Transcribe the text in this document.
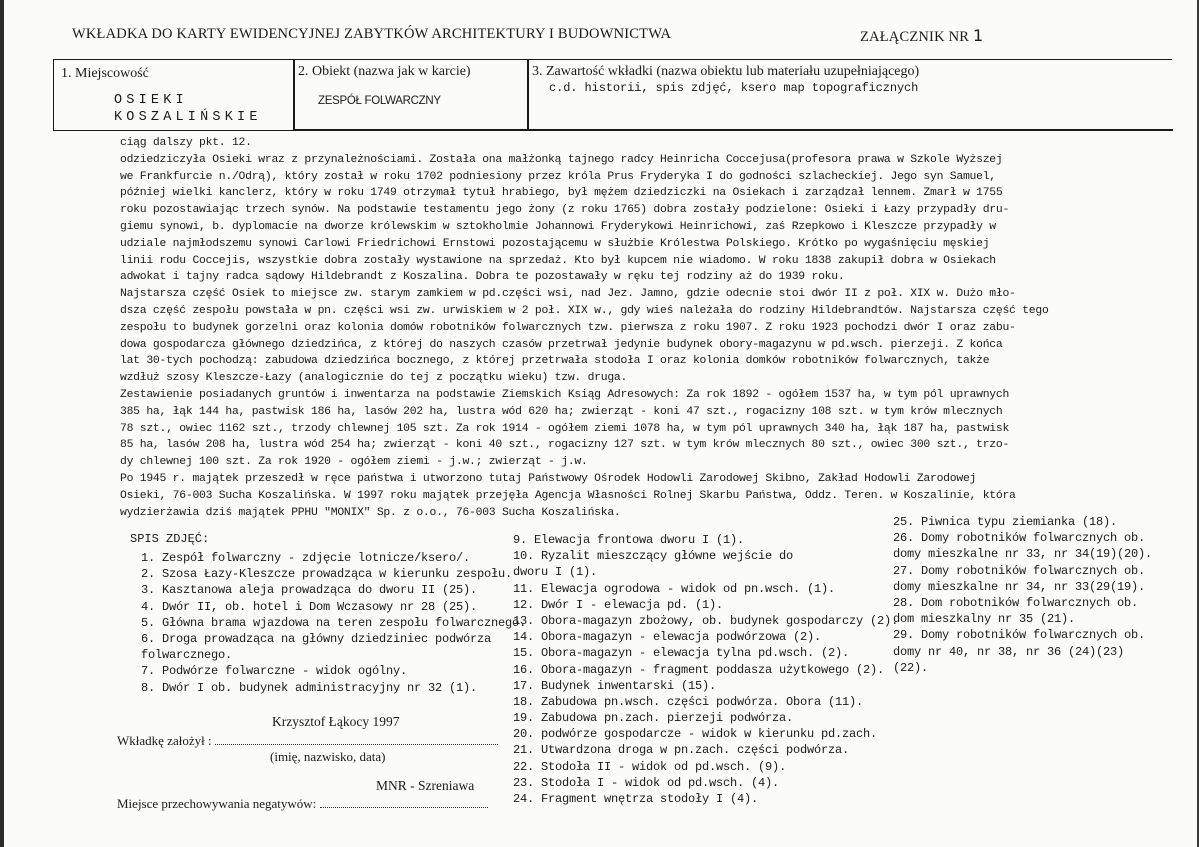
WKŁADKA DO KARTY EWIDENCYJNEJ ZABYTKÓW ARCHITEKTURY I BUDOWNICTWA	ZAŁĄCZNIK NR 1
1. Miejscowość
OSIEKI
KOSZALIŃSKIE
2. Obiekt (nazwa jak w karcie)
ZESPÓŁ FOLWARCZNY
3. Zawartość wkładki (nazwa obiektu lub materiału uzupełniającego)
c.d. historii, spis zdjęć, ksero map topograficznych
ciąg dalszy pkt. 12.
odziedziczyła Osieki wraz z przynależnościami. Została ona małżonką tajnego radcy Heinricha Coccejusa(profesora prawa w Szkole Wyższej
we Frankfurcie n./Odrą), który został w roku 1702 podniesiony przez króla Prus Fryderyka I do godności szlacheckiej. Jego syn Samuel,
później wielki kanclerz, który w roku 1749 otrzymał tytuł hrabiego, był mężem dziedziczki na Osiekach i zarządzał lennem. Zmarł w 1755
roku pozostawiając trzech synów. Na podstawie testamentu jego żony (z roku 1765) dobra zostały podzielone: Osieki i Łazy przypadły dru-
giemu synowi, b. dyplomacie na dworze królewskim w sztokholmie Johannowi Fryderykowi Heinrichowi, zaś Rzepkowo i Kleszcze przypadły w
udziale najmłodszemu synowi Carlowi Friedrichowi Ernstowi pozostającemu w służbie Królestwa Polskiego. Krótko po wygaśnięciu męskiej
linii rodu Coccejis, wszystkie dobra zostały wystawione na sprzedaż. Kto był kupcem nie wiadomo. W roku 1838 zakupił dobra w Osiekach
adwokat i tajny radca sądowy Hildebrandt z Koszalina. Dobra te pozostawały w ręku tej rodziny aż do 1939 roku.
Najstarsza część Osiek to miejsce zw. starym zamkiem w pd.części wsi, nad Jez. Jamno, gdzie odecnie stoi dwór II z poł. XIX w. Dużo mło-
dsza część zespołu powstała w pn. części wsi zw. urwiskiem w 2 poł. XIX w., gdy wieś należała do rodziny Hildebrandtów. Najstarsza część tego
zespołu to budynek gorzelni oraz kolonia domów robotników folwarcznych tzw. pierwsza z roku 1907. Z roku 1923 pochodzi dwór I oraz zabu-
dowa gospodarcza głównego dziedzińca, z której do naszych czasów przetrwał jedynie budynek obory-magazynu w pd.wsch. pierzeji. Z końca
lat 30-tych pochodzą: zabudowa dziedzińca bocznego, z której przetrwała stodoła I oraz kolonia domków robotników folwarcznych, także
wzdłuż szosy Kleszcze-Łazy (analogicznie do tej z początku wieku) tzw. druga.
Zestawienie posiadanych gruntów i inwentarza na podstawie Ziemskich Ksiąg Adresowych: Za rok 1892 - ogółem 1537 ha, w tym pól uprawnych
385 ha, łąk 144 ha, pastwisk 186 ha, lasów 202 ha, lustra wód 620 ha; zwierząt - koni 47 szt., rogacizny 108 szt. w tym krów mlecznych
78 szt., owiec 1162 szt., trzody chlewnej 105 szt. Za rok 1914 - ogółem ziemi 1078 ha, w tym pól uprawnych 340 ha, łąk 187 ha, pastwisk
85 ha, lasów 208 ha, lustra wód 254 ha; zwierząt - koni 40 szt., rogacizny 127 szt. w tym krów mlecznych 80 szt., owiec 300 szt., trzo-
dy chlewnej 100 szt. Za rok 1920 - ogółem ziemi - j.w.; zwierząt - j.w.
Po 1945 r. majątek przeszedł w ręce państwa i utworzono tutaj Państwowy Ośrodek Hodowli Zarodowej Skibno, Zakład Hodowli Zarodowej
Osieki, 76-003 Sucha Koszalińska. W 1997 roku majątek przejęła Agencja Własności Rolnej Skarbu Państwa, Oddz. Teren. w Koszalinie, która
wydzierżawia dziś majątek PPHU "MONIX" Sp. z o.o., 76-003 Sucha Koszalińska.
SPIS ZDJĘĆ:
1. Zespół folwarczny - zdjęcie lotnicze/ksero/.
2. Szosa Łazy-Kleszcze prowadząca w kierunku zespołu.
3. Kasztanowa aleja prowadząca do dworu II (25).
4. Dwór II, ob. hotel i Dom Wczasowy nr 28 (25).
5. Główna brama wjazdowa na teren zespołu folwarcznego.
6. Droga prowadząca na główny dziedziniec podwórza
folwarcznego.
7. Podwórze folwarczne - widok ogólny.
8. Dwór I ob. budynek administracyjny nr 32 (1).
9. Elewacja frontowa dworu I (1).
10. Ryzalit mieszczący główne wejście do
dworu I (1).
11. Elewacja ogrodowa - widok od pn.wsch. (1).
12. Dwór I - elewacja pd. (1).
13. Obora-magazyn zbożowy, ob. budynek gospodarczy (2).
14. Obora-magazyn - elewacja podwórzowa (2).
15. Obora-magazyn - elewacja tylna pd.wsch. (2).
16. Obora-magazyn - fragment poddasza użytkowego (2).
17. Budynek inwentarski (15).
18. Zabudowa pn.wsch. części podwórza. Obora (11).
19. Zabudowa pn.zach. pierzeji podwórza.
20. podwórze gospodarcze - widok w kierunku pd.zach.
21. Utwardzona droga w pn.zach. części podwórza.
22. Stodoła II - widok od pd.wsch. (9).
23. Stodoła I - widok od pd.wsch. (4).
24. Fragment wnętrza stodoły I (4).
25. Piwnica typu ziemianka (18).
26. Domy robotników folwarcznych ob.
domy mieszkalne nr 33, nr 34(19)(20).
27. Domy robotników folwarcznych ob.
domy mieszkalne nr 34, nr 33(29(19).
28. Dom robotników folwarcznych ob.
dom mieszkalny nr 35 (21).
29. Domy robotników folwarcznych ob.
domy nr 40, nr 38, nr 36 (24)(23)
(22).
Krzysztof Łąkocy 1997
Wkładkę założył :
(imię, nazwisko, data)
MNR - Szreniawa
Miejsce przechowywania negatywów:
